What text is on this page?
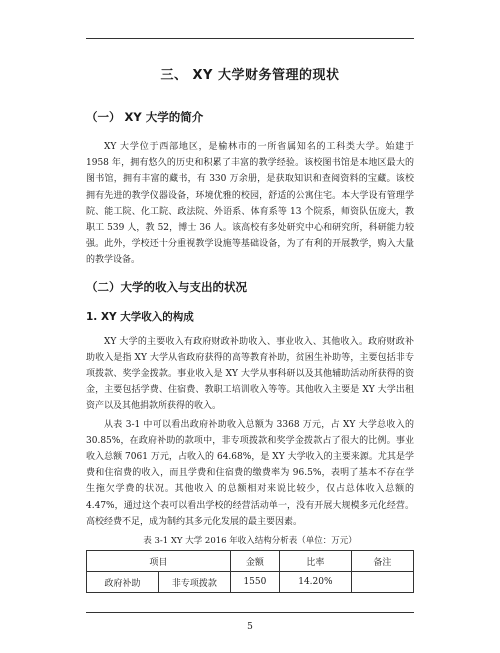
三、 XY 大学财务管理的现状
（一） XY 大学的简介

XY 大学位于西部地区，是榆林市的一所省属知名的工科类大学。始建于 1958 年，拥有悠久的历史和积累了丰富的教学经验。该校图书馆是本地区最大的图书馆，拥有丰富的藏书，有 330 万余册，是获取知识和查阅资料的宝藏。该校拥有先进的教学仪器设备，环境优雅的校园，舒适的公寓住宅。本大学设有管理学院、能工院、化工院、政法院、外语系、体育系等 13 个院系，师资队伍庞大，教职工 539 人，教 52，博士 36 人。该高校有多处研究中心和研究所，科研能力较强。此外，学校还十分重视教学设施等基础设备，为了有利的开展教学，购入大量的教学设备。

（二）大学的收入与支出的状况
1. XY 大学收入的构成

XY 大学的主要收入有政府财政补助收入、事业收入、其他收入。政府财政补助收入是指 XY 大学从省政府获得的高等教育补助，贫困生补助等，主要包括非专项拨款、奖学金拨款。事业收入是 XY 大学从事科研以及其他辅助活动所获得的资金，主要包括学费、住宿费、教职工培训收入等等。其他收入主要是 XY 大学出租资产以及其他捐款所获得的收入。

从表 3-1 中可以看出政府补助收入总额为 3368 万元，占 XY 大学总收入的 30.85%，在政府补助的款项中，非专项拨款和奖学金拨款占了很大的比例。事业收入总额 7061 万元，占收入的 64.68%，是 XY 大学收入的主要来源。尤其是学费和住宿费的收入，而且学费和住宿费的缴费率为 96.5%，表明了基本不存在学生拖欠学费的状况。其他收入 的总额相对来说比较少，仅占总体收入总额的 4.47%，通过这个表可以看出学校的经营活动单一，没有开展大规模多元化经营。高校经费不足，成为制约其多元化发展的最主要因素。

表 3-1 XY 大学 2016 年收入结构分析表（单位：万元）
项目		金额	比率	备注
政府补助	非专项拨款	1550	14.20%	
5
